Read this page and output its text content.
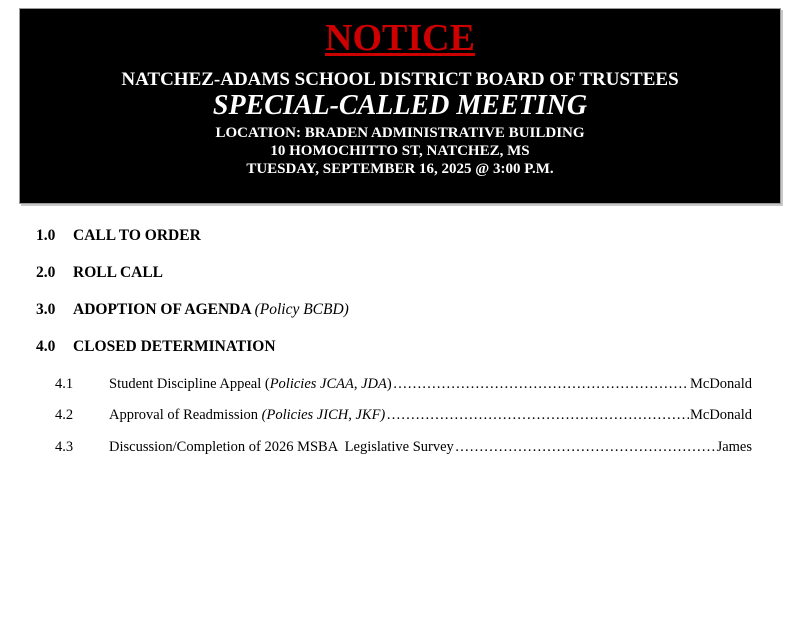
NOTICE
NATCHEZ-ADAMS SCHOOL DISTRICT BOARD OF TRUSTEES
SPECIAL-CALLED MEETING
LOCATION: BRADEN ADMINISTRATIVE BUILDING
10 HOMOCHITTO ST, NATCHEZ, MS
TUESDAY, SEPTEMBER 16, 2025 @ 3:00 P.M.
1.0 CALL TO ORDER
2.0 ROLL CALL
3.0 ADOPTION OF AGENDA (Policy BCBD)
4.0 CLOSED DETERMINATION
4.1	Student Discipline Appeal (Policies JCAA, JDA) ……………………………………………………………………………………………………………………………	McDonald
4.2	Approval of Readmission (Policies JICH, JKF) ……………………………………………………………………………………………………………………………	McDonald
4.3	Discussion/Completion of 2026 MSBA  Legislative Survey ……………………………………………………………………………………………………………………………	James
